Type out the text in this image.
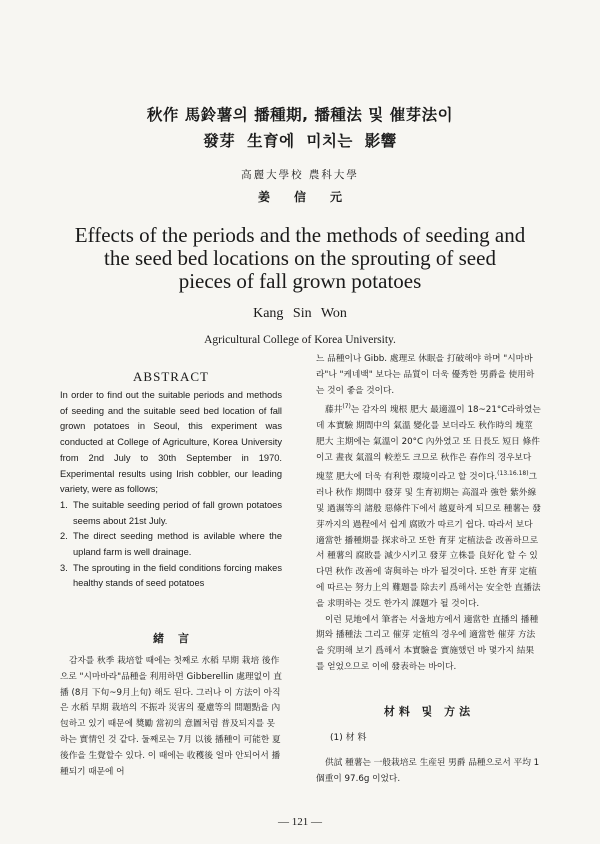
秋作 馬鈴薯의 播種期, 播種法 및 催芽法이
發芽 生育에 미치는 影響
高麗大學校 農科大學
姜信元
Effects of the periods and the methods of seeding and
the seed bed locations on the sprouting of seed
pieces of fall grown potatoes
Kang Sin Won
Agricultural College of Korea University.
ABSTRACT

In order to find out the suitable periods and methods of seeding and the suitable seed bed location of fall grown potatoes in Seoul, this experiment was conducted at College of Agriculture, Korea University from 2nd July to 30th September in 1970. Experimental results using Irish cobbler, our leading variety, were as follows;

1. The suitable seeding period of fall grown potatoes seems about 21st July.
2. The direct seeding method is avilable where the upland farm is well drainage.
3. The sprouting in the field conditions forcing makes healthy stands of seed potatoes
緒言

감자를 秋季 栽培할 때에는 첫째로 水稻 早期 栽培 後作으로 "시마바라"品種을 利用하면 Gibberellin 處理없이 直播 (8月 下旬~9月上旬) 해도 된다. 그러나 이 方法이 아직은 水稻 早期 栽培의 不振과 災害의 憂慮等의 問題點을 內包하고 있기 때문에 奬勵 當初의 意圖처럼 普及되지를 못하는 實情인 것 같다. 둘째로는 7月 以後 播種이 可能한 夏後作을 生覺할수 있다. 이 때에는 收穫後 얼마 안되어서 播種되기 때문에 어

느 品種이나 Gibb. 處理로 休眠을 打破해야 하며 "시마바라"나 "케네백" 보다는 品質이 더욱 優秀한 男爵을 使用하는 것이 좋을 것이다.

藤井$^{(7)}$는 감자의 塊根 肥大 最適溫이 18~21°C라하였는데 本實驗 期間中의 氣溫 變化를 보더라도 秋作時의 塊莖 肥大 主期에는 氣溫이 20°C 內外였고 또 日長도 短日 條件이고 晝夜 氣溫의 較差도 크므로 秋作은 春作의 경우보다 塊莖 肥大에 더욱 有利한 環境이라고 할 것이다.$^{(13.16.18)}$그러나 秋作 期間中 發芽 및 生育初期는 高溫과 強한 紫外線 및 過濕等의 諸般 惡條件下에서 越夏하게 되므로 種薯는 發芽까지의 過程에서 쉽게 腐敗가 따르기 쉽다. 따라서 보다 適當한 播種期를 探求하고 또한 育芽 定植法을 改善하므로서 種薯의 腐敗를 減少시키고 發芽 立株를 良好化 할 수 있다면 秋作 改善에 寄與하는 바가 될것이다. 또한 育芽 定植에 따르는 努力上의 難題를 除去키 爲해서는 安全한 直播法을 求明하는 것도 한가지 課題가 될 것이다.

이런 見地에서 筆者는 서울地方에서 適當한 直播의 播種期와 播種法 그리고 催芽 定植의 경우에 適當한 催芽 方法을 究明해 보기 爲해서 本實驗을 實施했던 바 몇가지 結果를 얻었으므로 이에 發表하는 바이다.

材料 및 方法
(1) 材 料

供試 種薯는 一般栽培로 生産된 男爵 品種으로서 平均 1個重이 97.6g 이었다.

— 121 —
